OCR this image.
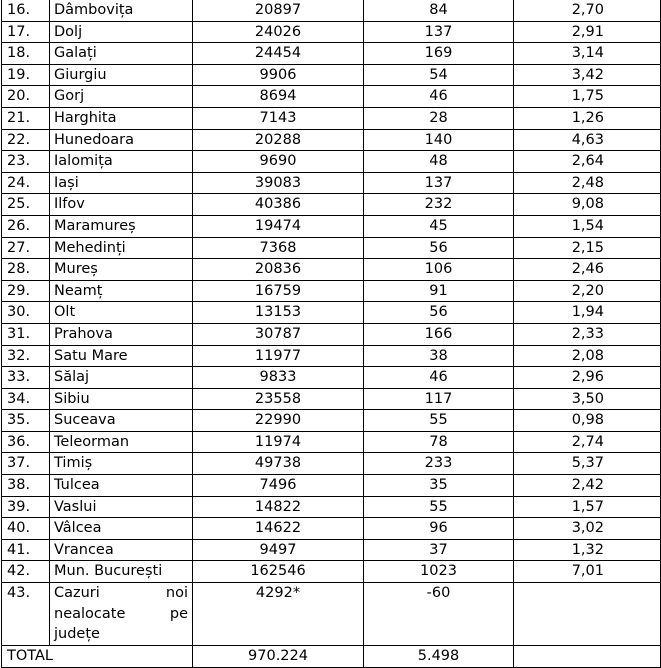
16.	Dâmbovița	20897	84	2,70
17.	Dolj	24026	137	2,91
18.	Galați	24454	169	3,14
19.	Giurgiu	9906	54	3,42
20.	Gorj	8694	46	1,75
21.	Harghita	7143	28	1,26
22.	Hunedoara	20288	140	4,63
23.	Ialomița	9690	48	2,64
24.	Iași	39083	137	2,48
25.	Ilfov	40386	232	9,08
26.	Maramureș	19474	45	1,54
27.	Mehedinți	7368	56	2,15
28.	Mureș	20836	106	2,46
29.	Neamț	16759	91	2,20
30.	Olt	13153	56	1,94
31.	Prahova	30787	166	2,33
32.	Satu Mare	11977	38	2,08
33.	Sălaj	9833	46	2,96
34.	Sibiu	23558	117	3,50
35.	Suceava	22990	55	0,98
36.	Teleorman	11974	78	2,74
37.	Timiș	49738	233	5,37
38.	Tulcea	7496	35	2,42
39.	Vaslui	14822	55	1,57
40.	Vâlcea	14622	96	3,02
41.	Vrancea	9497	37	1,32
42.	Mun. București	162546	1023	7,01
43.	Cazuri noi nealocate pe județe	4292*	-60	
TOTAL		970.224	5.498	
